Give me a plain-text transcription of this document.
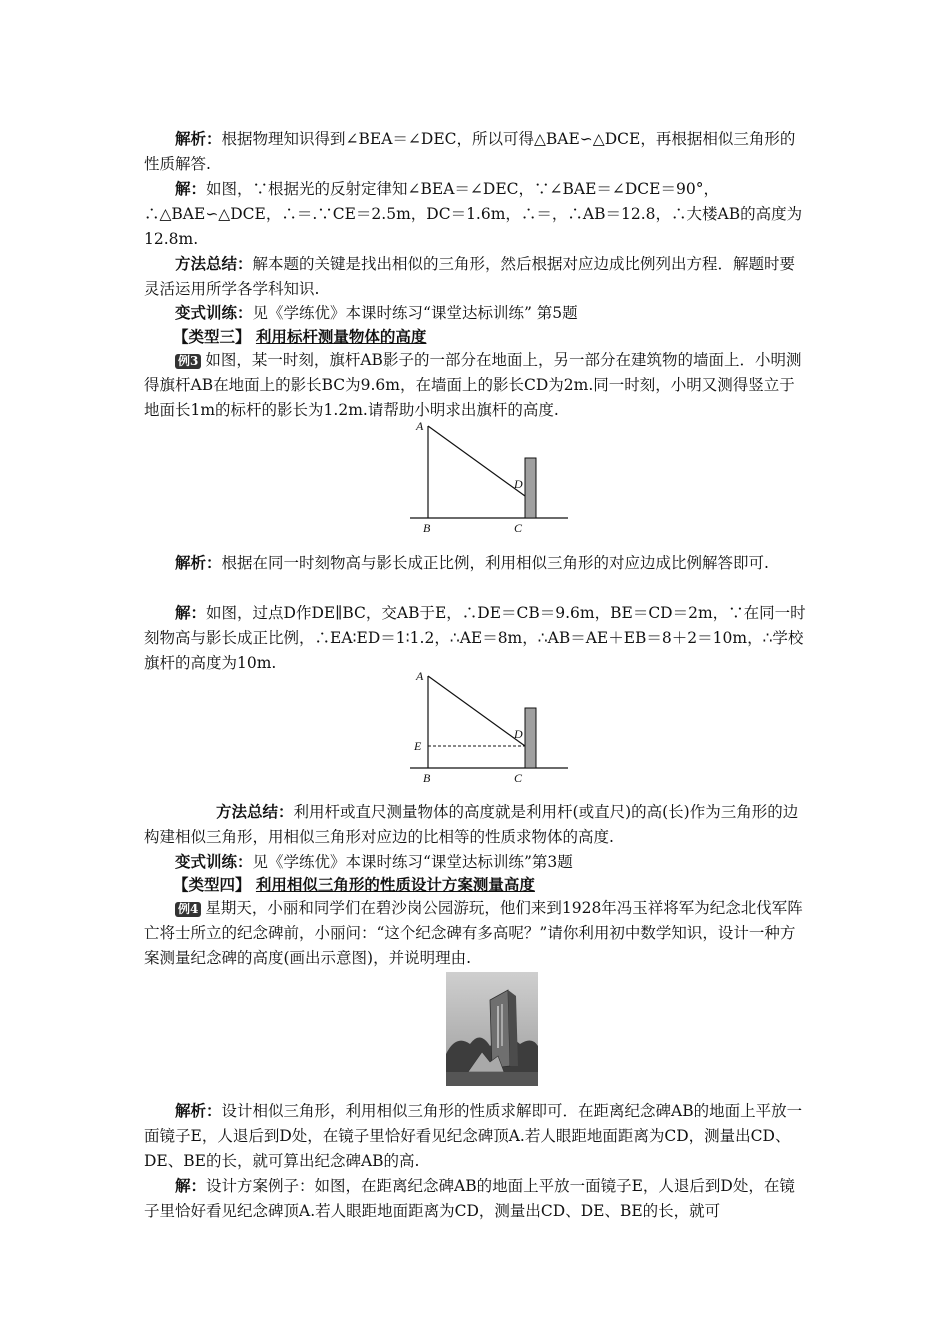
解析：根据物理知识得到∠BEA＝∠DEC，所以可得△BAE∽△DCE，再根据相似三角形的性质解答.

解：如图，∵根据光的反射定律知∠BEA＝∠DEC，∵∠BAE＝∠DCE＝90°，∴△BAE∽△DCE，∴＝.∵CE＝2.5m，DC＝1.6m，∴＝，∴AB＝12.8，∴大楼AB的高度为12.8m.

方法总结：解本题的关键是找出相似的三角形，然后根据对应边成比例列出方程．解题时要灵活运用所学各学科知识.

变式训练：见《学练优》本课时练习“课堂达标训练” 第5题

【类型三】 利用标杆测量物体的高度

例3 如图，某一时刻，旗杆AB影子的一部分在地面上，另一部分在建筑物的墙面上．小明测得旗杆AB在地面上的影长BC为9.6m，在墙面上的影长CD为2m.同一时刻，小明又测得竖立于地面长1m的标杆的影长为1.2m.请帮助小明求出旗杆的高度.

A
B	C
D

解析：根据在同一时刻物高与影长成正比例，利用相似三角形的对应边成比例解答即可.

解：如图，过点D作DE∥BC，交AB于E，∴DE＝CB＝9.6m，BE＝CD＝2m，∵在同一时刻物高与影长成正比例，∴EA∶ED＝1∶1.2，∴AE＝8m，∴AB＝AE＋EB＝8＋2＝10m，∴学校旗杆的高度为10m.

A
E
B	C
D

方法总结：利用杆或直尺测量物体的高度就是利用杆(或直尺)的高(长)作为三角形的边构建相似三角形，用相似三角形对应边的比相等的性质求物体的高度.

变式训练：见《学练优》本课时练习“课堂达标训练”第3题

【类型四】 利用相似三角形的性质设计方案测量高度

例4 星期天，小丽和同学们在碧沙岗公园游玩，他们来到1928年冯玉祥将军为纪念北伐军阵亡将士所立的纪念碑前，小丽问：“这个纪念碑有多高呢？”请你利用初中数学知识，设计一种方案测量纪念碑的高度(画出示意图)，并说明理由.

解析：设计相似三角形，利用相似三角形的性质求解即可．在距离纪念碑AB的地面上平放一面镜子E，人退后到D处，在镜子里恰好看见纪念碑顶A.若人眼距地面距离为CD，测量出CD、DE、BE的长，就可算出纪念碑AB的高.

解：设计方案例子：如图，在距离纪念碑AB的地面上平放一面镜子E，人退后到D处，在镜子里恰好看见纪念碑顶A.若人眼距地面距离为CD，测量出CD、DE、BE的长，就可
